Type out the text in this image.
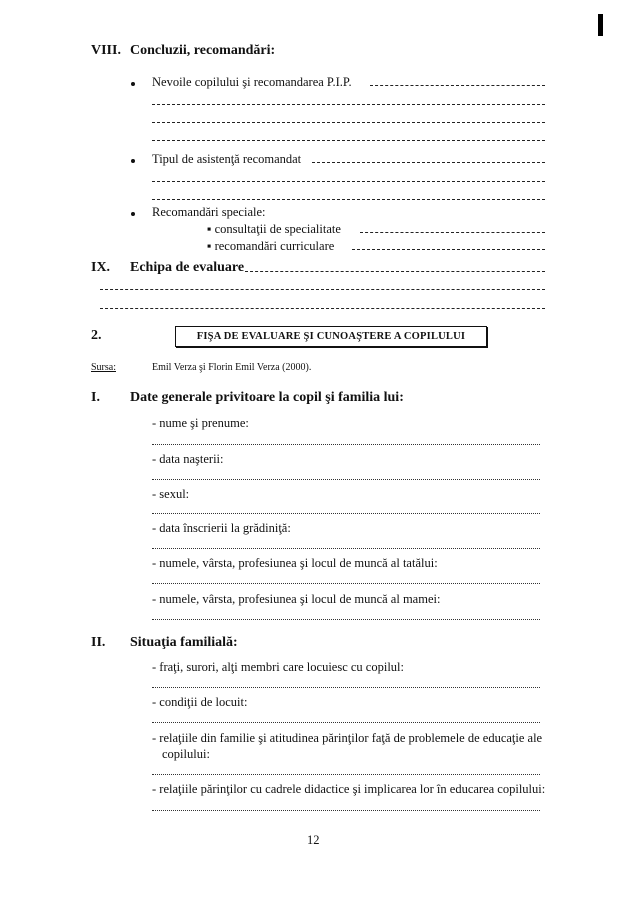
VIII. Concluzii, recomandări:
Nevoile copilului şi recomandarea P.I.P.
Tipul de asistenţă recomandat
Recomandări speciale:
▪ consultaţii de specialitate
▪ recomandări curriculare
IX. Echipa de evaluare
2.	FIŞA DE EVALUARE ŞI CUNOAŞTERE A COPILULUI
Sursa:	Emil Verza şi Florin Emil Verza (2000).
I. Date generale privitoare la copil şi familia lui:
- nume şi prenume:
- data naşterii:
- sexul:
- data înscrierii la grădiniţă:
- numele, vârsta, profesiunea şi locul de muncă al tatălui:
- numele, vârsta, profesiunea şi locul de muncă al mamei:
II. Situaţia familială:
- fraţi, surori, alţi membri care locuiesc cu copilul:
- condiţii de locuit:
- relaţiile din familie şi atitudinea părinţilor faţă de problemele de educaţie ale
copilului:
- relaţiile părinţilor cu cadrele didactice şi implicarea lor în educarea copilului:
12
